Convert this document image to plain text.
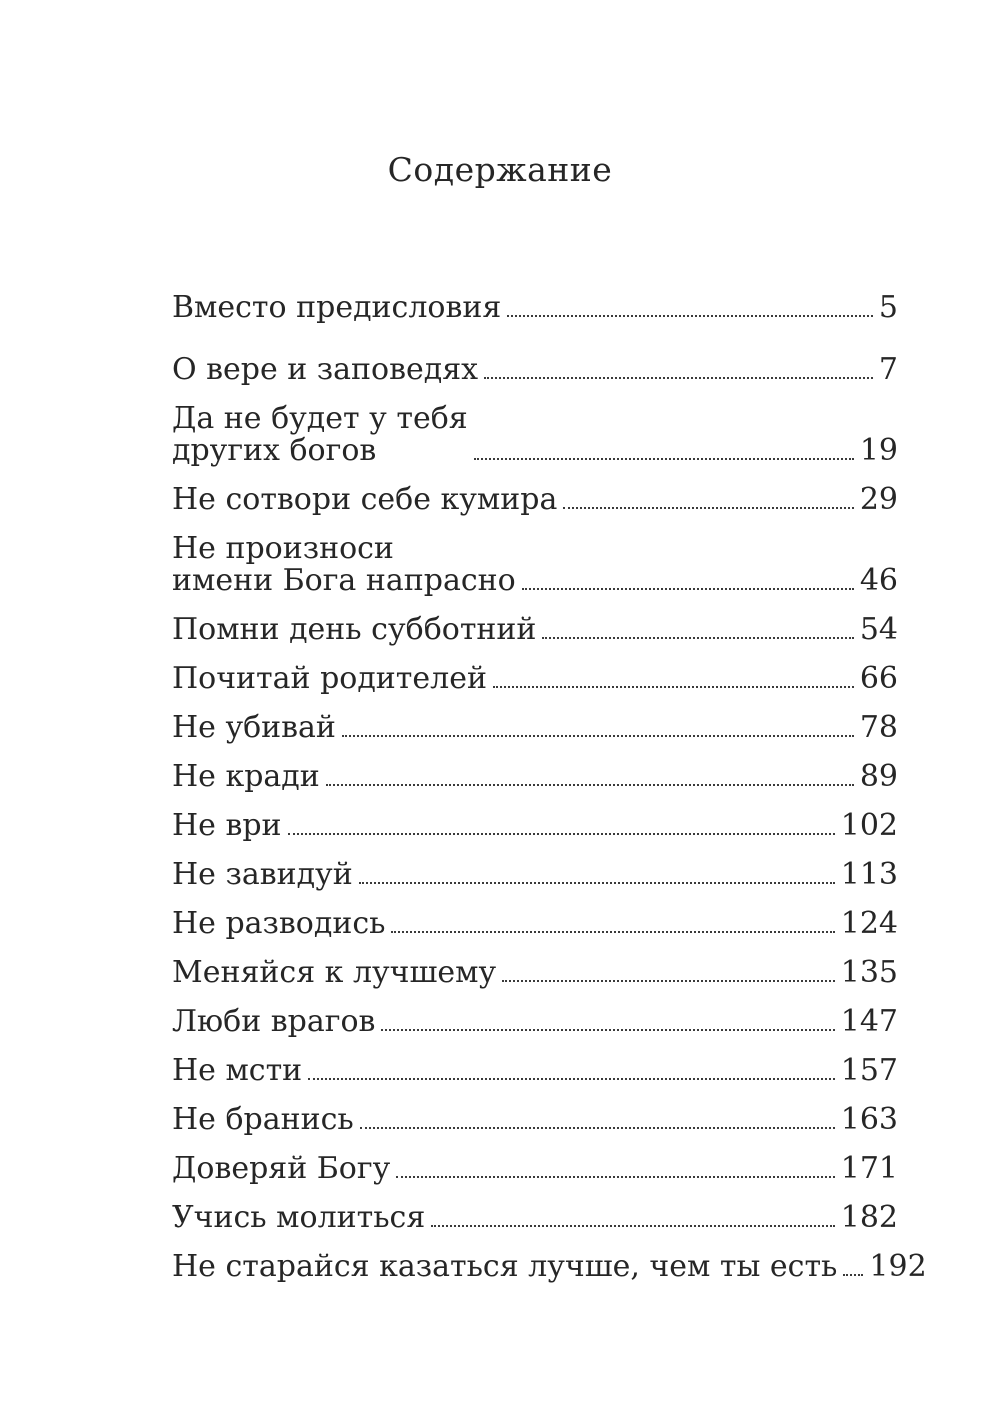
Содержание
Вместо предисловия	5
О вере и заповедях	7
Да не будет у тебя
других богов	19
Не сотвори себе кумира	29
Не произноси
имени Бога напрасно	46
Помни день субботний	54
Почитай родителей	66
Не убивай	78
Не кради	89
Не ври	102
Не завидуй	113
Не разводись	124
Меняйся к лучшему	135
Люби врагов	147
Не мсти	157
Не бранись	163
Доверяй Богу	171
Учись молиться	182
Не старайся казаться лучше, чем ты есть 192
